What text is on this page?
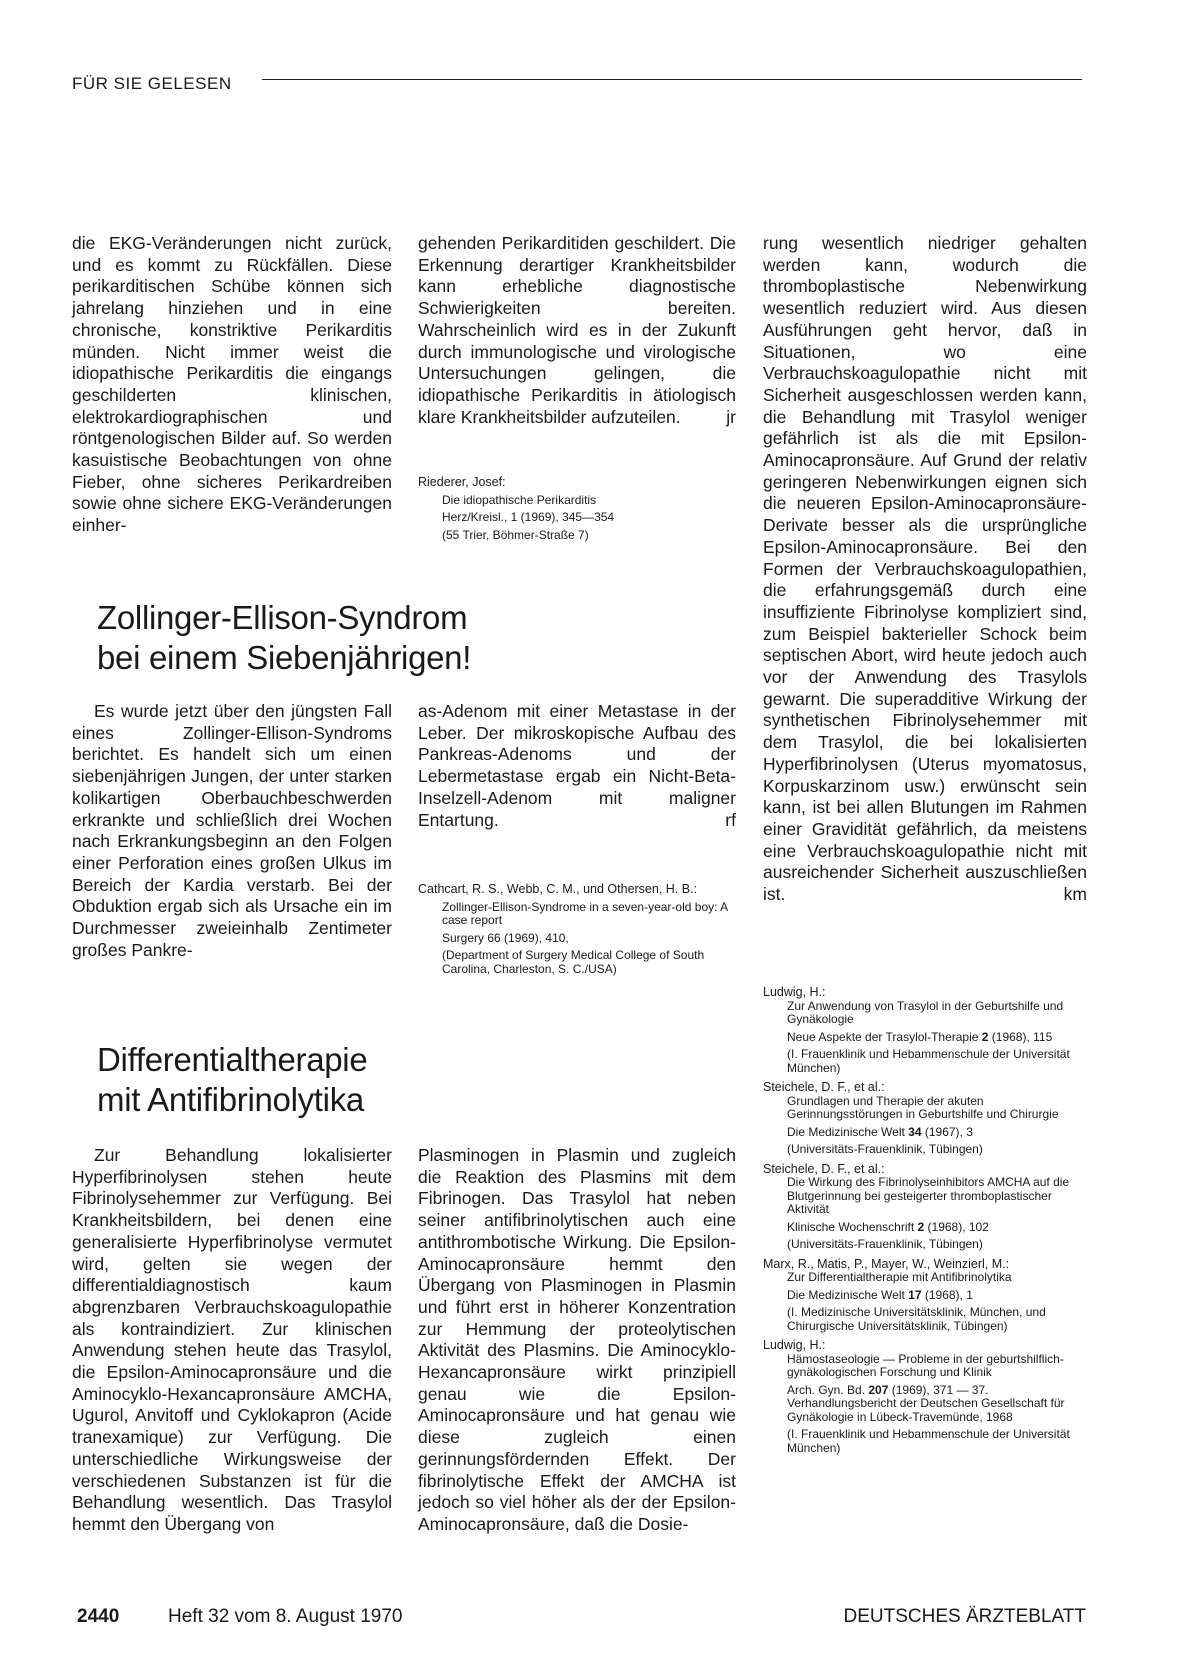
FÜR SIE GELESEN

die EKG-Veränderungen nicht zurück, und es kommt zu Rückfällen. Diese perikarditischen Schübe können sich jahrelang hinziehen und in eine chronische, konstriktive Perikarditis münden. Nicht immer weist die idiopathische Perikarditis die eingangs geschilderten klinischen, elektrokardiographischen und röntgenologischen Bilder auf. So werden kasuistische Beobachtungen von ohne Fieber, ohne sicheres Perikardreiben sowie ohne sichere EKG-Veränderungen einher-

gehenden Perikarditiden geschildert. Die Erkennung derartiger Krankheitsbilder kann erhebliche diagnostische Schwierigkeiten bereiten. Wahrscheinlich wird es in der Zukunft durch immunologische und virologische Untersuchungen gelingen, die idiopathische Perikarditis in ätiologisch klare Krankheitsbilder aufzuteilen.	jr

Riederer, Josef:
Die idiopathische Perikarditis
Herz/Kreisl., 1 (1969), 345—354
(55 Trier, Böhmer-Straße 7)
Zollinger-Ellison-Syndrom
bei einem Siebenjährigen!

Es wurde jetzt über den jüngsten Fall eines Zollinger-Ellison-Syndroms berichtet. Es handelt sich um einen siebenjährigen Jungen, der unter starken kolikartigen Oberbauchbeschwerden erkrankte und schließlich drei Wochen nach Erkrankungsbeginn an den Folgen einer Perforation eines großen Ulkus im Bereich der Kardia verstarb. Bei der Obduktion ergab sich als Ursache ein im Durchmesser zweieinhalb Zentimeter großes Pankre-

as-Adenom mit einer Metastase in der Leber. Der mikroskopische Aufbau des Pankreas-Adenoms und der Lebermetastase ergab ein Nicht-Beta-Inselzell-Adenom mit maligner Entartung.	rf

Cathcart, R. S., Webb, C. M., und Othersen, H. B.:
Zollinger-Ellison-Syndrome in a seven-year-old boy: A case report
Surgery 66 (1969), 410,
(Department of Surgery Medical College of South Carolina, Charleston, S. C./USA)
Differentialtherapie
mit Antifibrinolytika

Zur Behandlung lokalisierter Hyperfibrinolysen stehen heute Fibrinolysehemmer zur Verfügung. Bei Krankheitsbildern, bei denen eine generalisierte Hyperfibrinolyse vermutet wird, gelten sie wegen der differentialdiagnostisch kaum abgrenzbaren Verbrauchskoagulopathie als kontraindiziert. Zur klinischen Anwendung stehen heute das Trasylol, die Epsilon-Aminocapronsäure und die Aminocyklo-Hexancapronsäure AMCHA, Ugurol, Anvitoff und Cyklokapron (Acide tranexamique) zur Verfügung. Die unterschiedliche Wirkungsweise der verschiedenen Substanzen ist für die Behandlung wesentlich. Das Trasylol hemmt den Übergang von

Plasminogen in Plasmin und zugleich die Reaktion des Plasmins mit dem Fibrinogen. Das Trasylol hat neben seiner antifibrinolytischen auch eine antithrombotische Wirkung. Die Epsilon-Aminocapronsäure hemmt den Übergang von Plasminogen in Plasmin und führt erst in höherer Konzentration zur Hemmung der proteolytischen Aktivität des Plasmins. Die Aminocyklo-Hexancapronsäure wirkt prinzipiell genau wie die Epsilon-Aminocapronsäure und hat genau wie diese zugleich einen gerinnungsfördernden Effekt. Der fibrinolytische Effekt der AMCHA ist jedoch so viel höher als der der Epsilon-Aminocapronsäure, daß die Dosie-

rung wesentlich niedriger gehalten werden kann, wodurch die thromboplastische Nebenwirkung wesentlich reduziert wird. Aus diesen Ausführungen geht hervor, daß in Situationen, wo eine Verbrauchskoagulopathie nicht mit Sicherheit ausgeschlossen werden kann, die Behandlung mit Trasylol weniger gefährlich ist als die mit Epsilon-Aminocapronsäure. Auf Grund der relativ geringeren Nebenwirkungen eignen sich die neueren Epsilon-Aminocapronsäure-Derivate besser als die ursprüngliche Epsilon-Aminocapronsäure. Bei den Formen der Verbrauchskoagulopathien, die erfahrungsgemäß durch eine insuffiziente Fibrinolyse kompliziert sind, zum Beispiel bakterieller Schock beim septischen Abort, wird heute jedoch auch vor der Anwendung des Trasylols gewarnt. Die superadditive Wirkung der synthetischen Fibrinolysehemmer mit dem Trasylol, die bei lokalisierten Hyperfibrinolysen (Uterus myomatosus, Korpuskarzinom usw.) erwünscht sein kann, ist bei allen Blutungen im Rahmen einer Gravidität gefährlich, da meistens eine Verbrauchskoagulopathie nicht mit ausreichender Sicherheit auszuschließen ist.	km

Ludwig, H.:
Zur Anwendung von Trasylol in der Geburtshilfe und Gynäkologie
Neue Aspekte der Trasylol-Therapie 2 (1968), 115
(I. Frauenklinik und Hebammenschule der Universität München)
Steichele, D. F., et al.:
Grundlagen und Therapie der akuten Gerinnungsstörungen in Geburtshilfe und Chirurgie
Die Medizinische Welt 34 (1967), 3
(Universitäts-Frauenklinik, Tübingen)
Steichele, D. F., et al.:
Die Wirkung des Fibrinolyseinhibitors AMCHA auf die Blutgerinnung bei gesteigerter thromboplastischer Aktivität
Klinische Wochenschrift 2 (1968), 102
(Universitäts-Frauenklinik, Tübingen)
Marx, R., Matis, P., Mayer, W., Weinzierl, M.:
Zur Differentialtherapie mit Antifibrinolytika
Die Medizinische Welt 17 (1968), 1
(I. Medizinische Universitätsklinik, München, und Chirurgische Universitätsklinik, Tübingen)
Ludwig, H.:
Hämostaseologie — Probleme in der geburtshilflich-gynäkologischen Forschung und Klinik
Arch. Gyn. Bd. 207 (1969), 371 — 37. Verhandlungsbericht der Deutschen Gesellschaft für Gynäkologie in Lübeck-Travemünde, 1968
(I. Frauenklinik und Hebammenschule der Universität München)
2440	Heft 32 vom 8. August 1970	DEUTSCHES ÄRZTEBLATT
